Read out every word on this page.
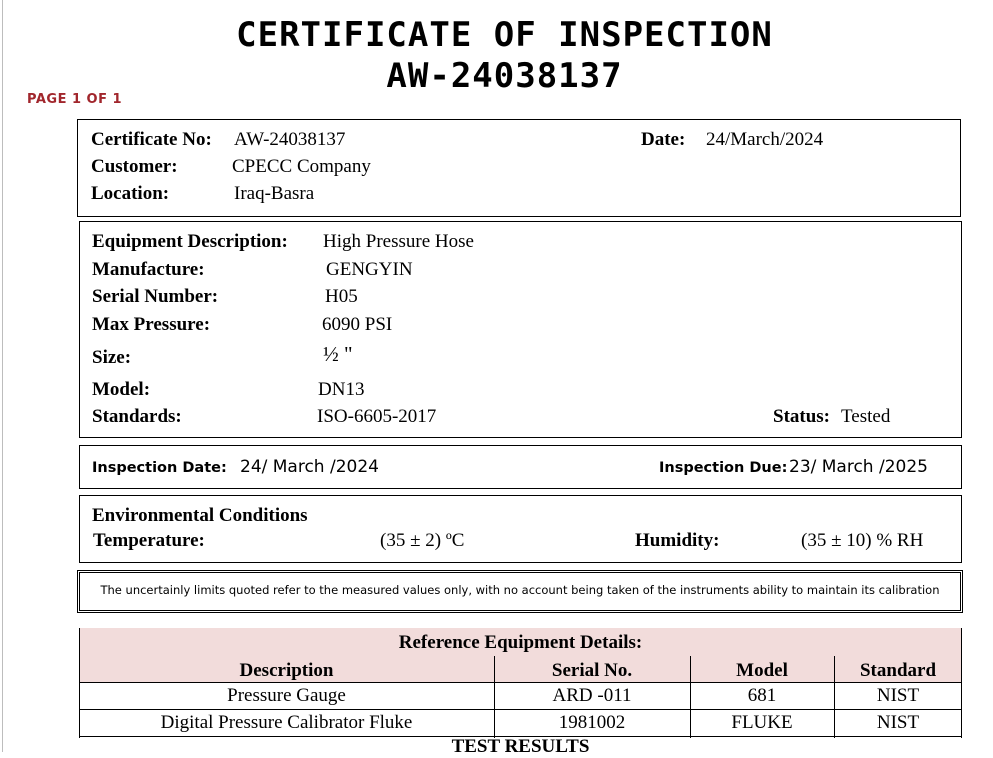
CERTIFICATE OF INSPECTION
AW-24038137
PAGE 1 OF 1
Certificate No: AW-24038137	Date: 24/March/2024
Customer:	CPECC Company
Location:	Iraq-Basra
Equipment Description: High Pressure Hose
Manufacture:	GENGYIN
Serial Number:	H05
Max Pressure:	6090 PSI
Size:	½ "
Model:	DN13
Standards:	ISO-6605-2017	Status: Tested
Inspection Date: 24/ March /2024	Inspection Due: 23/ March /2025
Environmental Conditions
Temperature:	(35 ± 2) ºC	Humidity:	(35 ± 10) % RH
The uncertainly limits quoted refer to the measured values only, with no account being taken of the instruments ability to maintain its calibration
Reference Equipment Details:
Description	Serial No.	Model	Standard
Pressure Gauge	ARD -011	681	NIST
Digital Pressure Calibrator Fluke	1981002	FLUKE	NIST
TEST RESULTS
